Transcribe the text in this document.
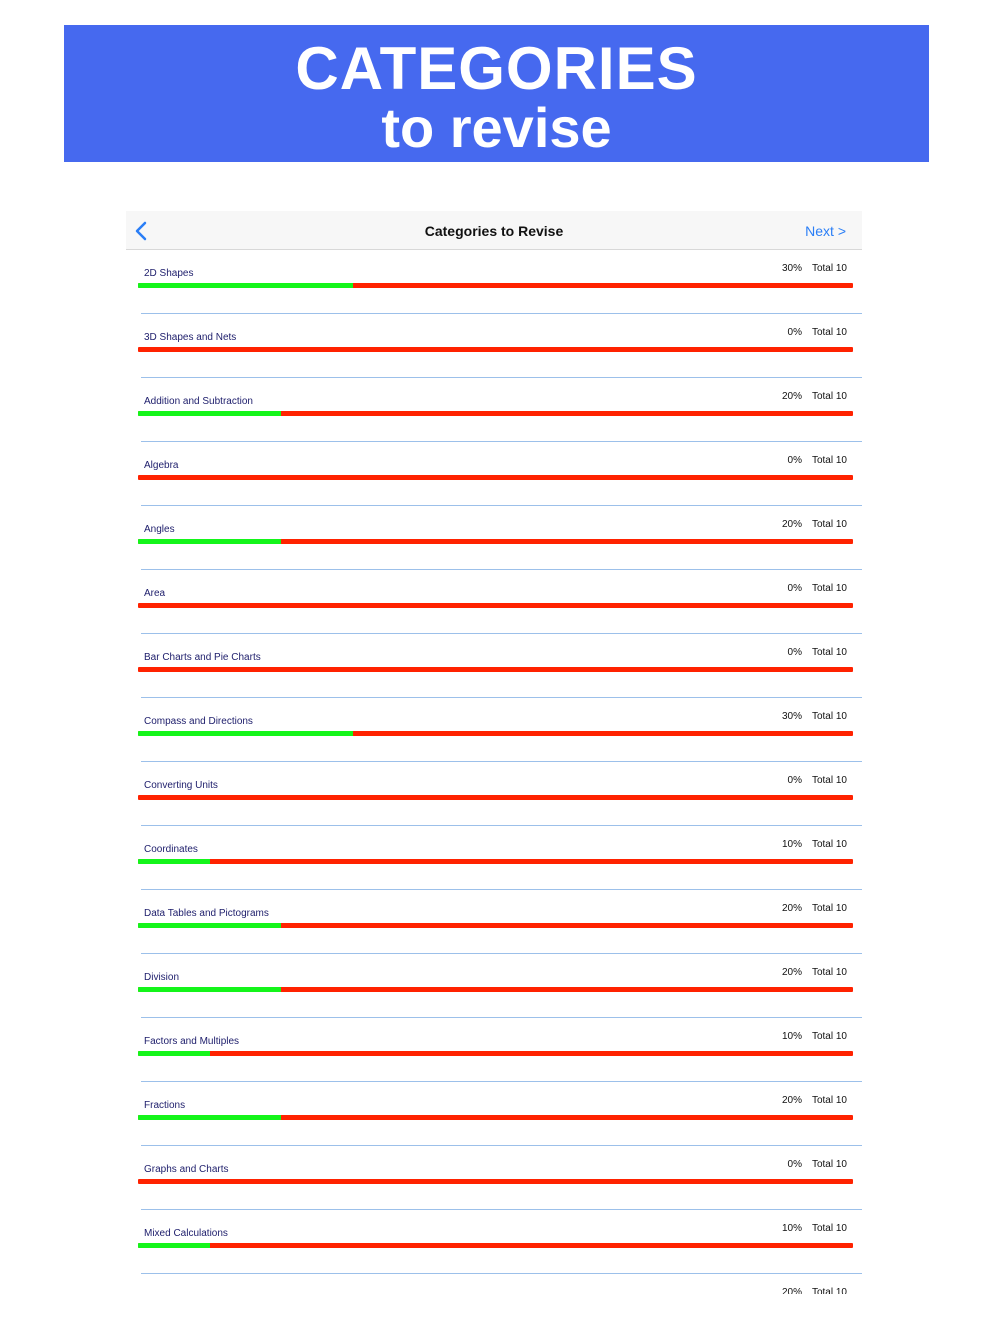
CATEGORIES
to revise
Categories to Revise	Next >
2D Shapes	30% Total 10
3D Shapes and Nets	0% Total 10
Addition and Subtraction	20% Total 10
Algebra	0% Total 10
Angles	20% Total 10
Area	0% Total 10
Bar Charts and Pie Charts	0% Total 10
Compass and Directions	30% Total 10
Converting Units	0% Total 10
Coordinates	10% Total 10
Data Tables and Pictograms	20% Total 10
Division	20% Total 10
Factors and Multiples	10% Total 10
Fractions	20% Total 10
Graphs and Charts	0% Total 10
Mixed Calculations	10% Total 10
20% Total 10
